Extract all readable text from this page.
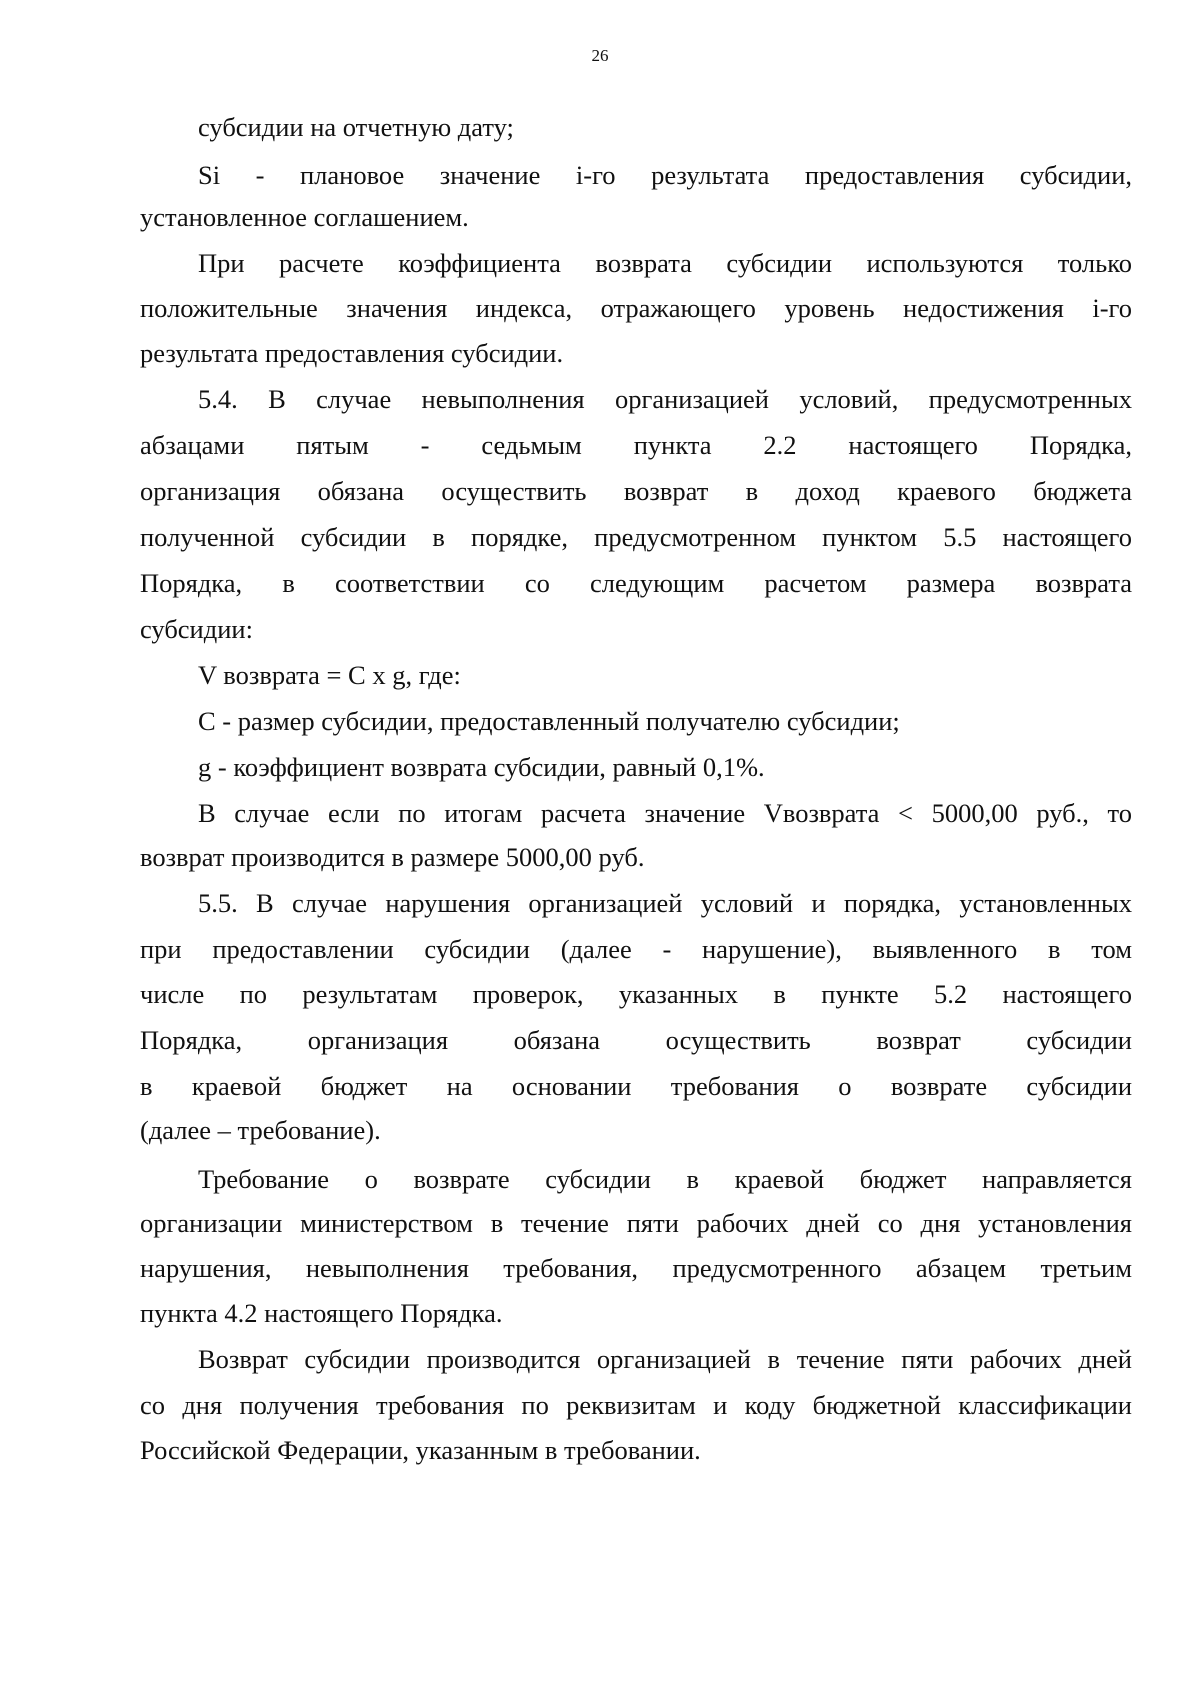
26
субсидии на отчетную дату;
Si - плановое значение i-го результата предоставления субсидии,
установленное соглашением.
При расчете коэффициента возврата субсидии используются только
положительные значения индекса, отражающего уровень недостижения i-го
результата предоставления субсидии.
5.4. В случае невыполнения организацией условий, предусмотренных
абзацами пятым - седьмым пункта 2.2 настоящего Порядка,
организация обязана осуществить возврат в доход краевого бюджета
полученной субсидии в порядке, предусмотренном пунктом 5.5 настоящего
Порядка, в соответствии со следующим расчетом размера возврата
субсидии:
V возврата = C x g, где:
C - размер субсидии, предоставленный получателю субсидии;
g - коэффициент возврата субсидии, равный 0,1%.
В случае если по итогам расчета значение Vвозврата < 5000,00 руб., то
возврат производится в размере 5000,00 руб.
5.5. В случае нарушения организацией условий и порядка, установленных
при предоставлении субсидии (далее - нарушение), выявленного в том
числе по результатам проверок, указанных в пункте 5.2 настоящего
Порядка, организация обязана осуществить возврат субсидии
в краевой бюджет на основании требования о возврате субсидии
(далее – требование).
Требование о возврате субсидии в краевой бюджет направляется
организации министерством в течение пяти рабочих дней со дня установления
нарушения, невыполнения требования, предусмотренного абзацем третьим
пункта 4.2 настоящего Порядка.
Возврат субсидии производится организацией в течение пяти рабочих дней
со дня получения требования по реквизитам и коду бюджетной классификации
Российской Федерации, указанным в требовании.
